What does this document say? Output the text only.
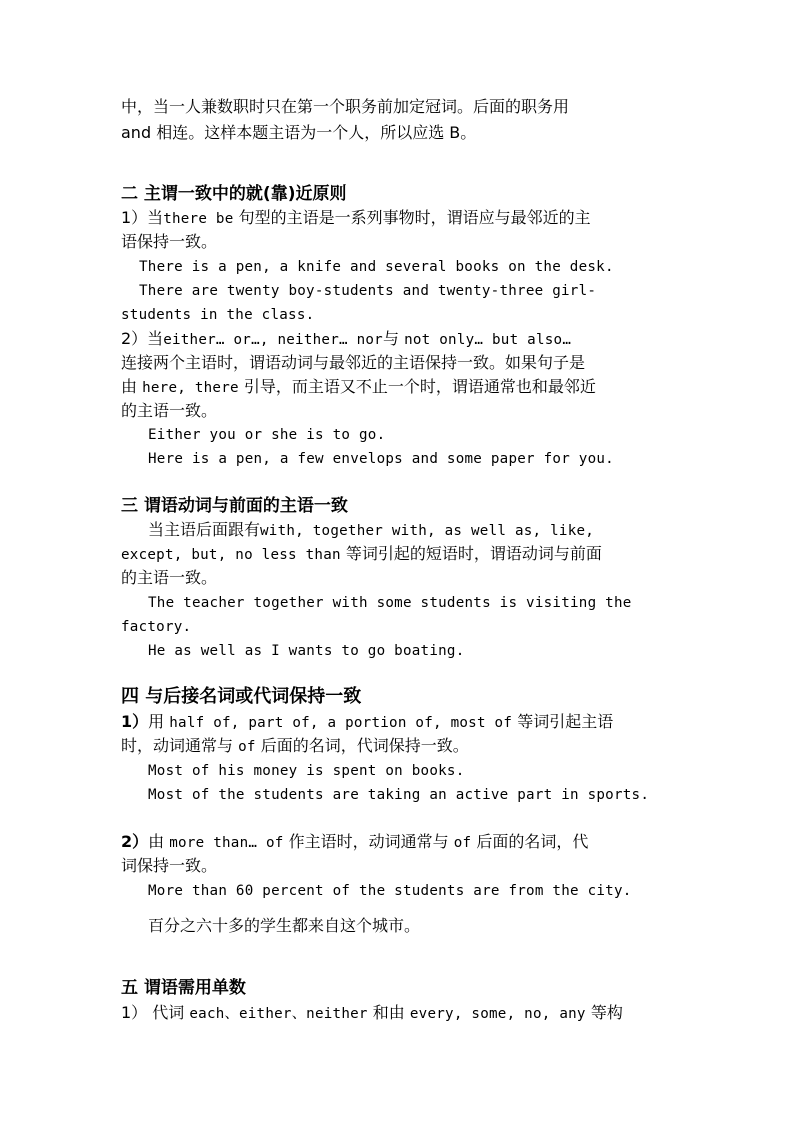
中，当一人兼数职时只在第一个职务前加定冠词。后面的职务用
and 相连。这样本题主语为一个人，所以应选 B。
二 主谓一致中的就(靠)近原则
1）当there be 句型的主语是一系列事物时，谓语应与最邻近的主
语保持一致。
There is a pen, a knife and several books on the desk.
There are twenty boy-students and twenty-three girl-
students in the class.
2）当either… or…, neither… nor与 not only… but also…
连接两个主语时，谓语动词与最邻近的主语保持一致。如果句子是
由 here, there 引导，而主语又不止一个时，谓语通常也和最邻近
的主语一致。
Either you or she is to go.
Here is a pen, a few envelops and some paper for you.
三 谓语动词与前面的主语一致
当主语后面跟有with, together with, as well as, like,
except, but, no less than 等词引起的短语时，谓语动词与前面
的主语一致。
The teacher together with some students is visiting the
factory.
He as well as I wants to go boating.
四 与后接名词或代词保持一致
1）用 half of, part of, a portion of, most of 等词引起主语
时，动词通常与 of 后面的名词，代词保持一致。
Most of his money is spent on books.
Most of the students are taking an active part in sports.
2）由 more than… of 作主语时，动词通常与 of 后面的名词，代
词保持一致。
More than 60 percent of the students are from the city.
百分之六十多的学生都来自这个城市。
五 谓语需用单数
1） 代词 each、either、neither 和由 every, some, no, any 等构
